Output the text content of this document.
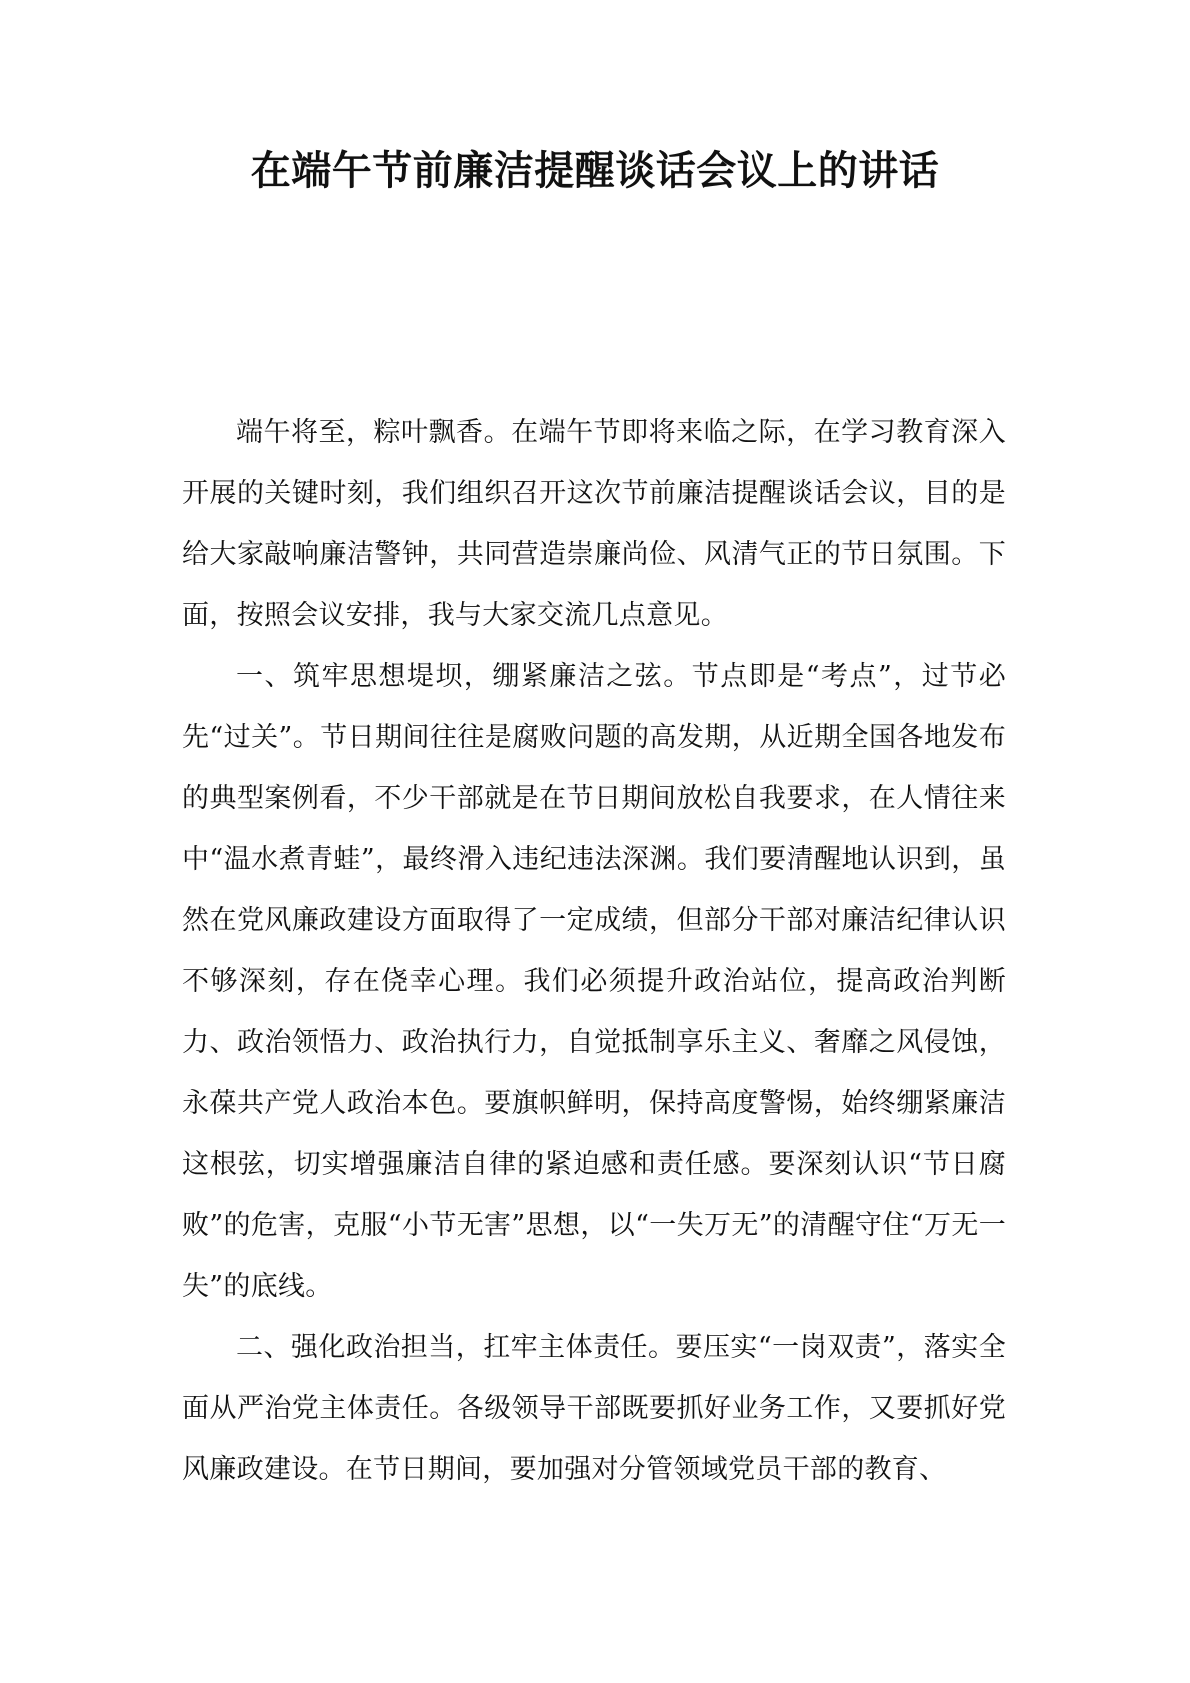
在端午节前廉洁提醒谈话会议上的讲话

端午将至，粽叶飘香。在端午节即将来临之际，在学习教育深入开展的关键时刻，我们组织召开这次节前廉洁提醒谈话会议，目的是给大家敲响廉洁警钟，共同营造崇廉尚俭、风清气正的节日氛围。下面，按照会议安排，我与大家交流几点意见。

一、筑牢思想堤坝，绷紧廉洁之弦。节点即是“考点”，过节必先“过关”。节日期间往往是腐败问题的高发期，从近期全国各地发布的典型案例看，不少干部就是在节日期间放松自我要求，在人情往来中“温水煮青蛙”，最终滑入违纪违法深渊。我们要清醒地认识到，虽然在党风廉政建设方面取得了一定成绩，但部分干部对廉洁纪律认识不够深刻，存在侥幸心理。我们必须提升政治站位，提高政治判断力、政治领悟力、政治执行力，自觉抵制享乐主义、奢靡之风侵蚀，永葆共产党人政治本色。要旗帜鲜明，保持高度警惕，始终绷紧廉洁这根弦，切实增强廉洁自律的紧迫感和责任感。要深刻认识“节日腐败”的危害，克服“小节无害”思想，以“一失万无”的清醒守住“万无一失”的底线。

二、强化政治担当，扛牢主体责任。要压实“一岗双责”，落实全面从严治党主体责任。各级领导干部既要抓好业务工作，又要抓好党风廉政建设。在节日期间，要加强对分管领域党员干部的教育、
